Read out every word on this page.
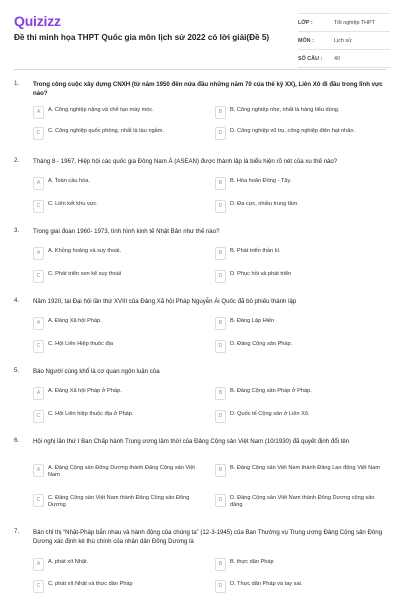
Quizizz
Đề thi minh họa THPT Quốc gia môn lịch sử 2022 có lời giải(Đề 5)
LỚP :	Tốt nghiệp THPT
MÔN :	Lịch sử
SỐ CÂU :	40
1. Trong công cuộc xây dựng CNXH (từ năm 1950 đến nửa đầu những năm 70 của thế kỷ XX), Liên Xô đi đầu trong lĩnh vực nào?
A	A. Công nghiệp nặng và chế tạo máy móc.	B	B. Công nghiệp nhẹ, nhất là hàng tiêu dùng.
C	C. Công nghiệp quốc phòng, nhất là tàu ngầm.	D	D. Công nghiệp vũ trụ, công nghiệp điện hạt nhân.
2. Tháng 8 - 1967, Hiệp hội các quốc gia Đông Nam Á (ASEAN) được thành lập là biểu hiện rõ nét của xu thế nào?
A	A. Toàn cầu hóa.	B	B. Hòa hoãn Đông - Tây.
C	C. Liên kết khu vực.	D	D. Đa cực, nhiều trung tâm.
3. Trong giai đoạn 1960- 1973, tình hình kinh tế Nhật Bản như thế nào?
A	A. Khủng hoảng và suy thoái.	B	B. Phát triển thần kì.
C	C. Phát triển xen kẽ suy thoái	D	D. Phục hồi và phát triển
4. Năm 1920, tại Đại hội lần thứ XVIII của Đảng Xã hội Pháp Nguyễn Ái Quốc đã bỏ phiếu thành lập
A	A. Đảng Xã hội Pháp.	B	B. Đảng Lập Hiến
C	C. Hội Liên Hiệp thuộc địa	D	D. Đảng Cộng sản Pháp.
5. Báo Người cùng khổ là cơ quan ngôn luận của
A	A. Đảng Xã hội Pháp ở Pháp.	B	B. Đảng Cộng sản Pháp ở Pháp.
C	C. Hội Liên hiệp thuộc địa ở Pháp.	D	D. Quốc tế Cộng sản ở Liên Xô.
6. Hội nghị lần thứ I Ban Chấp hành Trung ương lâm thời của Đảng Cộng sản Việt Nam (10/1930) đã quyết định đổi tên
A	A. Đảng Cộng sản Đông Dương thành Đảng Cộng sản Việt Nam
B	B. Đảng Cộng sản Việt Nam thành Đảng Lao động Việt Nam
C	C. Đảng Cộng sản Việt Nam thành Đảng Cộng sản Đông Dương
D	D. Đảng Cộng sản Việt Nam thành Đông Dương cộng sản đảng
7. Bản chỉ thị “Nhật-Pháp bắn nhau và hành động của chúng ta” (12-3-1945) của Ban Thường vụ Trung ương Đảng Cộng sản Đông Dương xác định kẻ thù chính của nhân dân Đông Dương là
A	A. phát xít Nhật.	B	B. thực dân Pháp
C	C. phát xít Nhật và thực dân Pháp	D	D. Thực dân Pháp và tay sai.
